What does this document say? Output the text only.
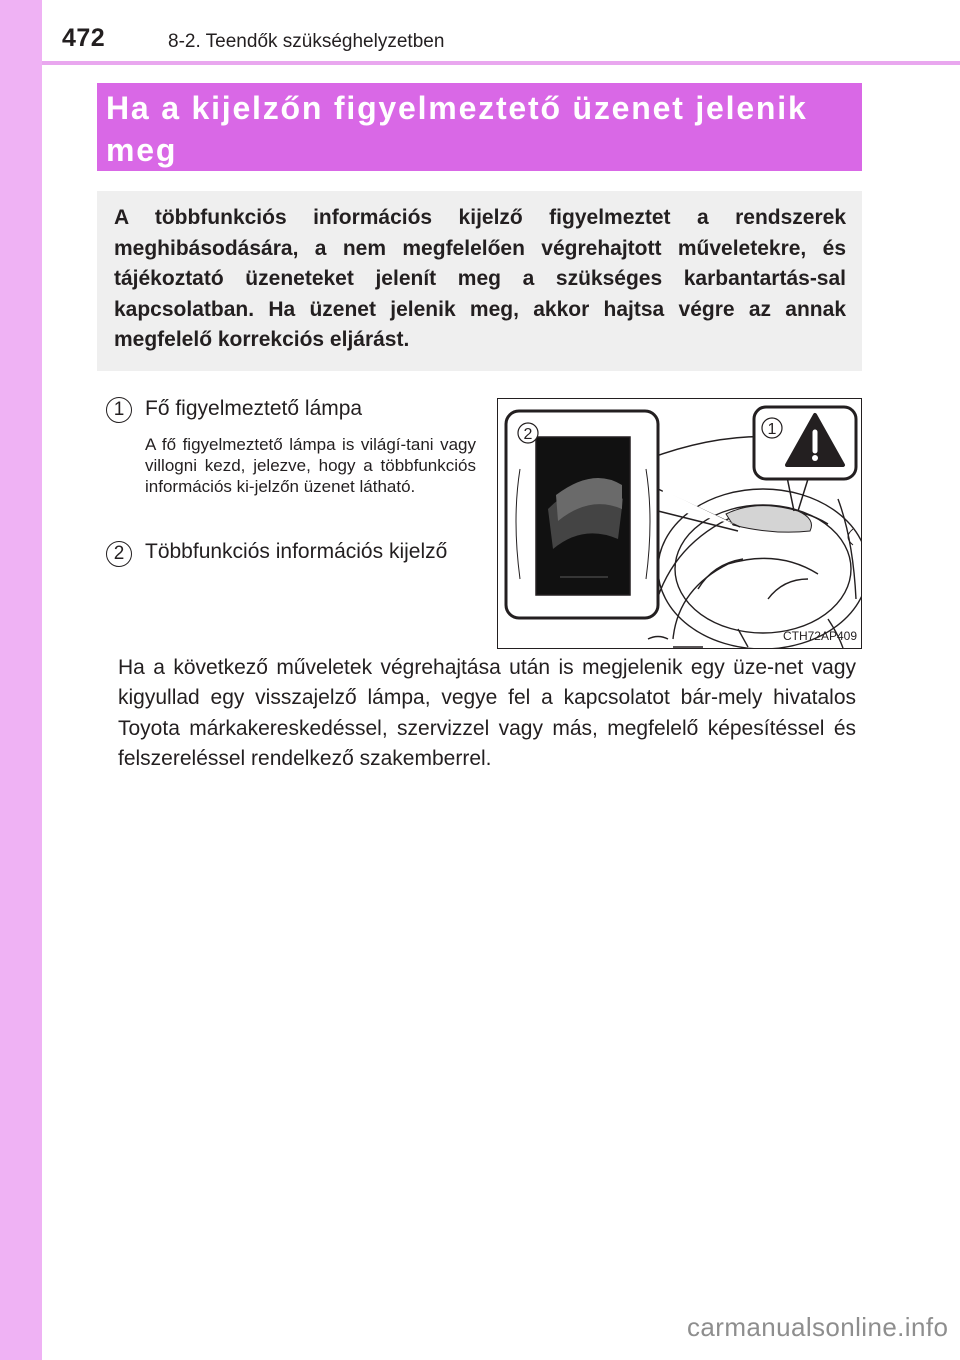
472	8-2. Teendők szükséghelyzetben
Ha a kijelzőn figyelmeztető üzenet jelenik meg

A többfunkciós információs kijelző figyelmeztet a rendszerek meghibásodására, a nem megfelelően végrehajtott műveletekre, és tájékoztató üzeneteket jelenít meg a szükséges karbantartás-sal kapcsolatban. Ha üzenet jelenik meg, akkor hajtsa végre az annak megfelelő korrekciós eljárást.

1 Fő figyelmeztető lámpa

A fő figyelmeztető lámpa is világí-tani vagy villogni kezd, jelezve, hogy a többfunkciós információs ki-jelzőn üzenet látható.

2 Többfunkciós információs kijelző
1
2
CTH72AP409

Ha a következő műveletek végrehajtása után is megjelenik egy üze-net vagy kigyullad egy visszajelző lámpa, vegye fel a kapcsolatot bár-mely hivatalos Toyota márkakereskedéssel, szervizzel vagy más, megfelelő képesítéssel és felszereléssel rendelkező szakemberrel.

carmanualsonline.info
